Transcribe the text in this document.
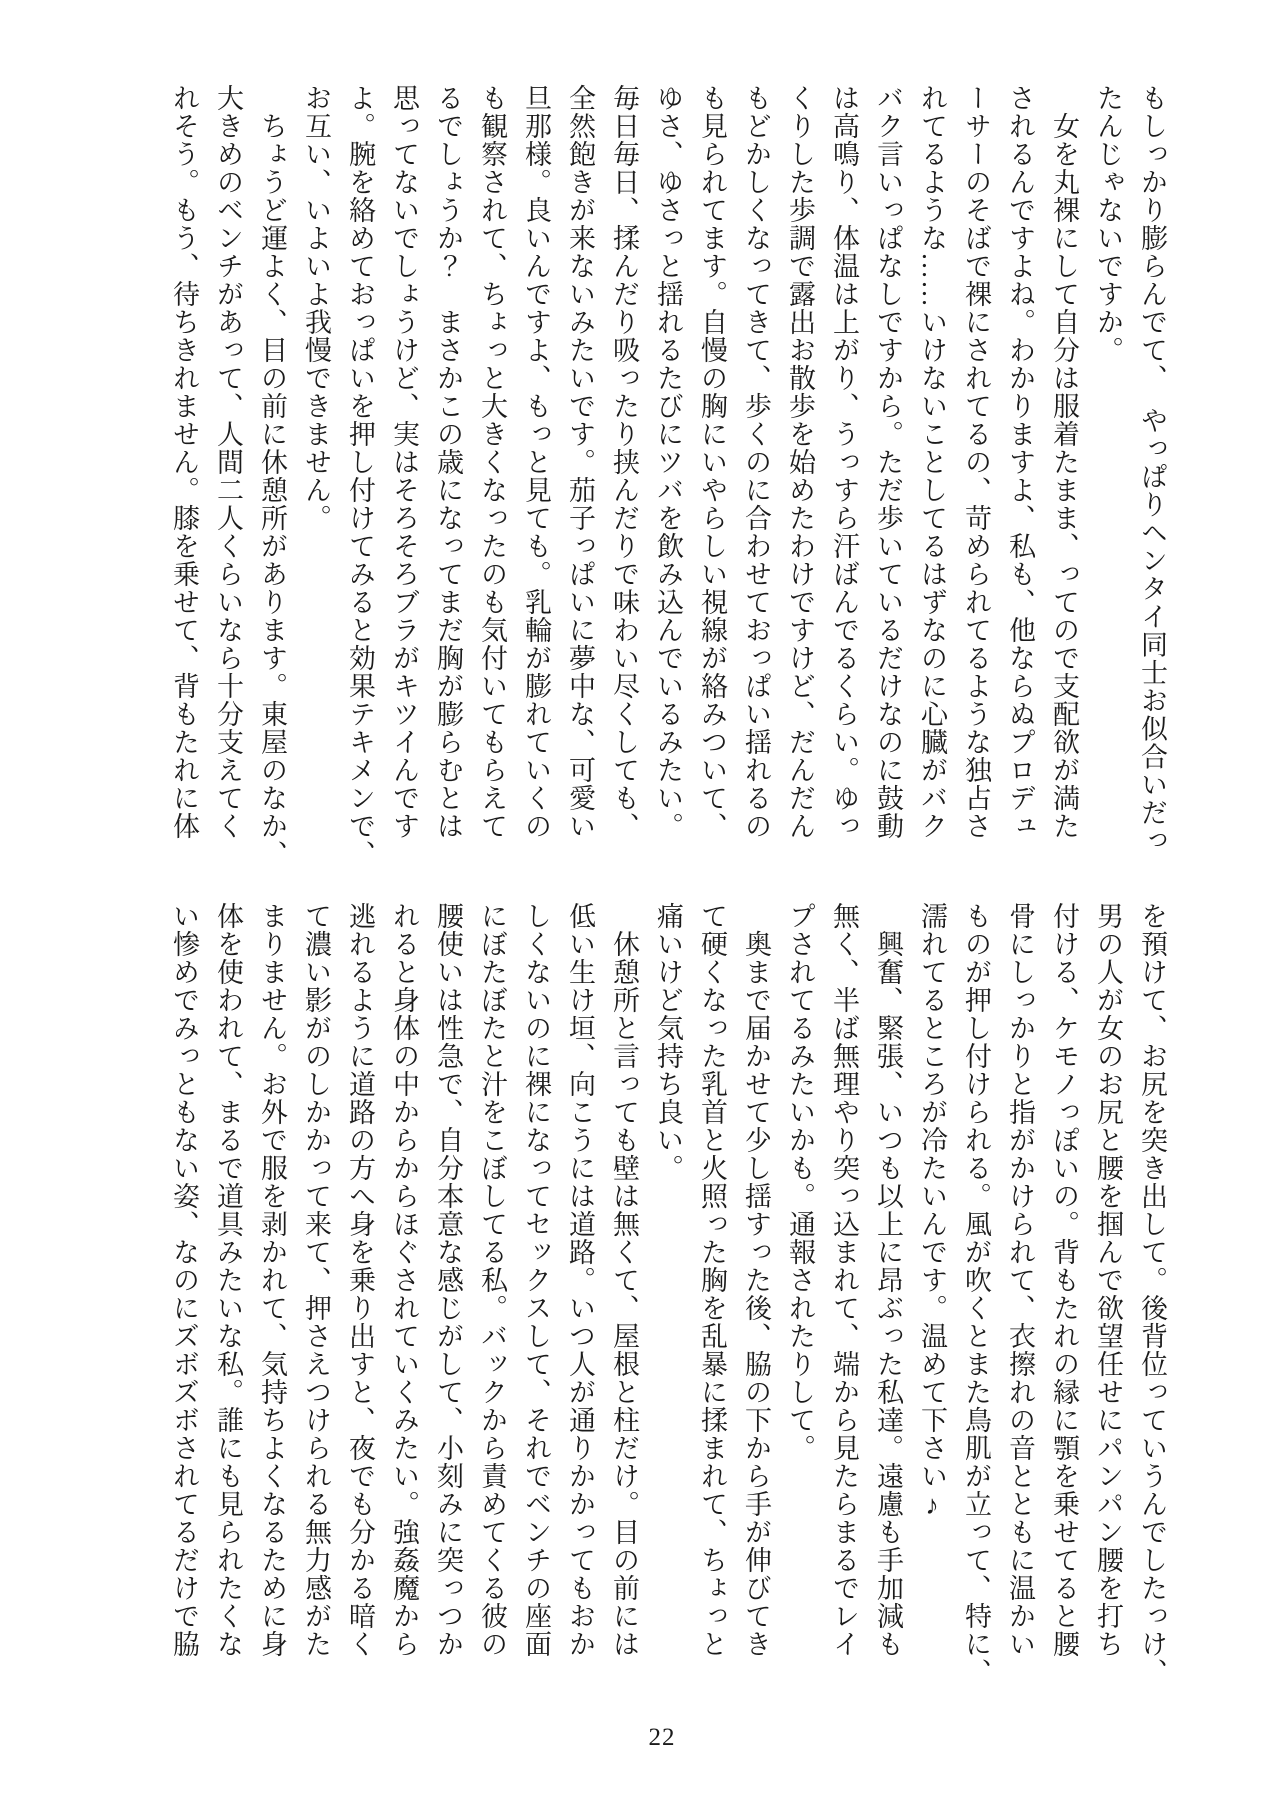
もしっかり膨らんでて、　やっぱりヘンタイ同士お似合いだっ
たんじゃないですか。
　女を丸裸にして自分は服着たまま、ってので支配欲が満た
されるんですよね。わかりますよ、私も、他ならぬプロデュ
ーサーのそばで裸にされてるの、苛められてるような独占さ
れてるような……いけないことしてるはずなのに心臓がバク
バク言いっぱなしですから。ただ歩いているだけなのに鼓動
は高鳴り、体温は上がり、うっすら汗ばんでるくらい。ゆっ
くりした歩調で露出お散歩を始めたわけですけど、だんだん
もどかしくなってきて、歩くのに合わせておっぱい揺れるの
も見られてます。自慢の胸にいやらしい視線が絡みついて、
ゆさ、ゆさっと揺れるたびにツバを飲み込んでいるみたい。
毎日毎日、揉んだり吸ったり挟んだりで味わい尽くしても、
全然飽きが来ないみたいです。茄子っぱいに夢中な、可愛い
旦那様。良いんですよ、もっと見ても。乳輪が膨れていくの
も観察されて、ちょっと大きくなったのも気付いてもらえて
るでしょうか？　まさかこの歳になってまだ胸が膨らむとは
思ってないでしょうけど、実はそろそろブラがキツイんです
よ。腕を絡めておっぱいを押し付けてみると効果テキメンで、
お互い、いよいよ我慢できません。
　ちょうど運よく、目の前に休憩所があります。東屋のなか、
大きめのベンチがあって、人間二人くらいなら十分支えてく
れそう。もう、待ちきれません。膝を乗せて、背もたれに体
を預けて、お尻を突き出して。後背位っていうんでしたっけ、
男の人が女のお尻と腰を掴んで欲望任せにパンパン腰を打ち
付ける、ケモノっぽいの。背もたれの縁に顎を乗せてると腰
骨にしっかりと指がかけられて、衣擦れの音とともに温かい
ものが押し付けられる。風が吹くとまた鳥肌が立って、特に、
濡れてるところが冷たいんです。温めて下さい♪
　興奮、緊張、いつも以上に昂ぶった私達。遠慮も手加減も
無く、半ば無理やり突っ込まれて、端から見たらまるでレイ
プされてるみたいかも。通報されたりして。
　奥まで届かせて少し揺すった後、脇の下から手が伸びてき
て硬くなった乳首と火照った胸を乱暴に揉まれて、ちょっと
痛いけど気持ち良い。
　休憩所と言っても壁は無くて、屋根と柱だけ。目の前には
低い生け垣、向こうには道路。いつ人が通りかかってもおか
しくないのに裸になってセックスして、それでベンチの座面
にぼたぼたと汁をこぼしてる私。バックから責めてくる彼の
腰使いは性急で、自分本意な感じがして、小刻みに突っつか
れると身体の中からからほぐされていくみたい。強姦魔から
逃れるように道路の方へ身を乗り出すと、夜でも分かる暗く
て濃い影がのしかかって来て、押さえつけられる無力感がた
まりません。お外で服を剥かれて、気持ちよくなるために身
体を使われて、まるで道具みたいな私。誰にも見られたくな
い惨めでみっともない姿、なのにズボズボされてるだけで脇
22
